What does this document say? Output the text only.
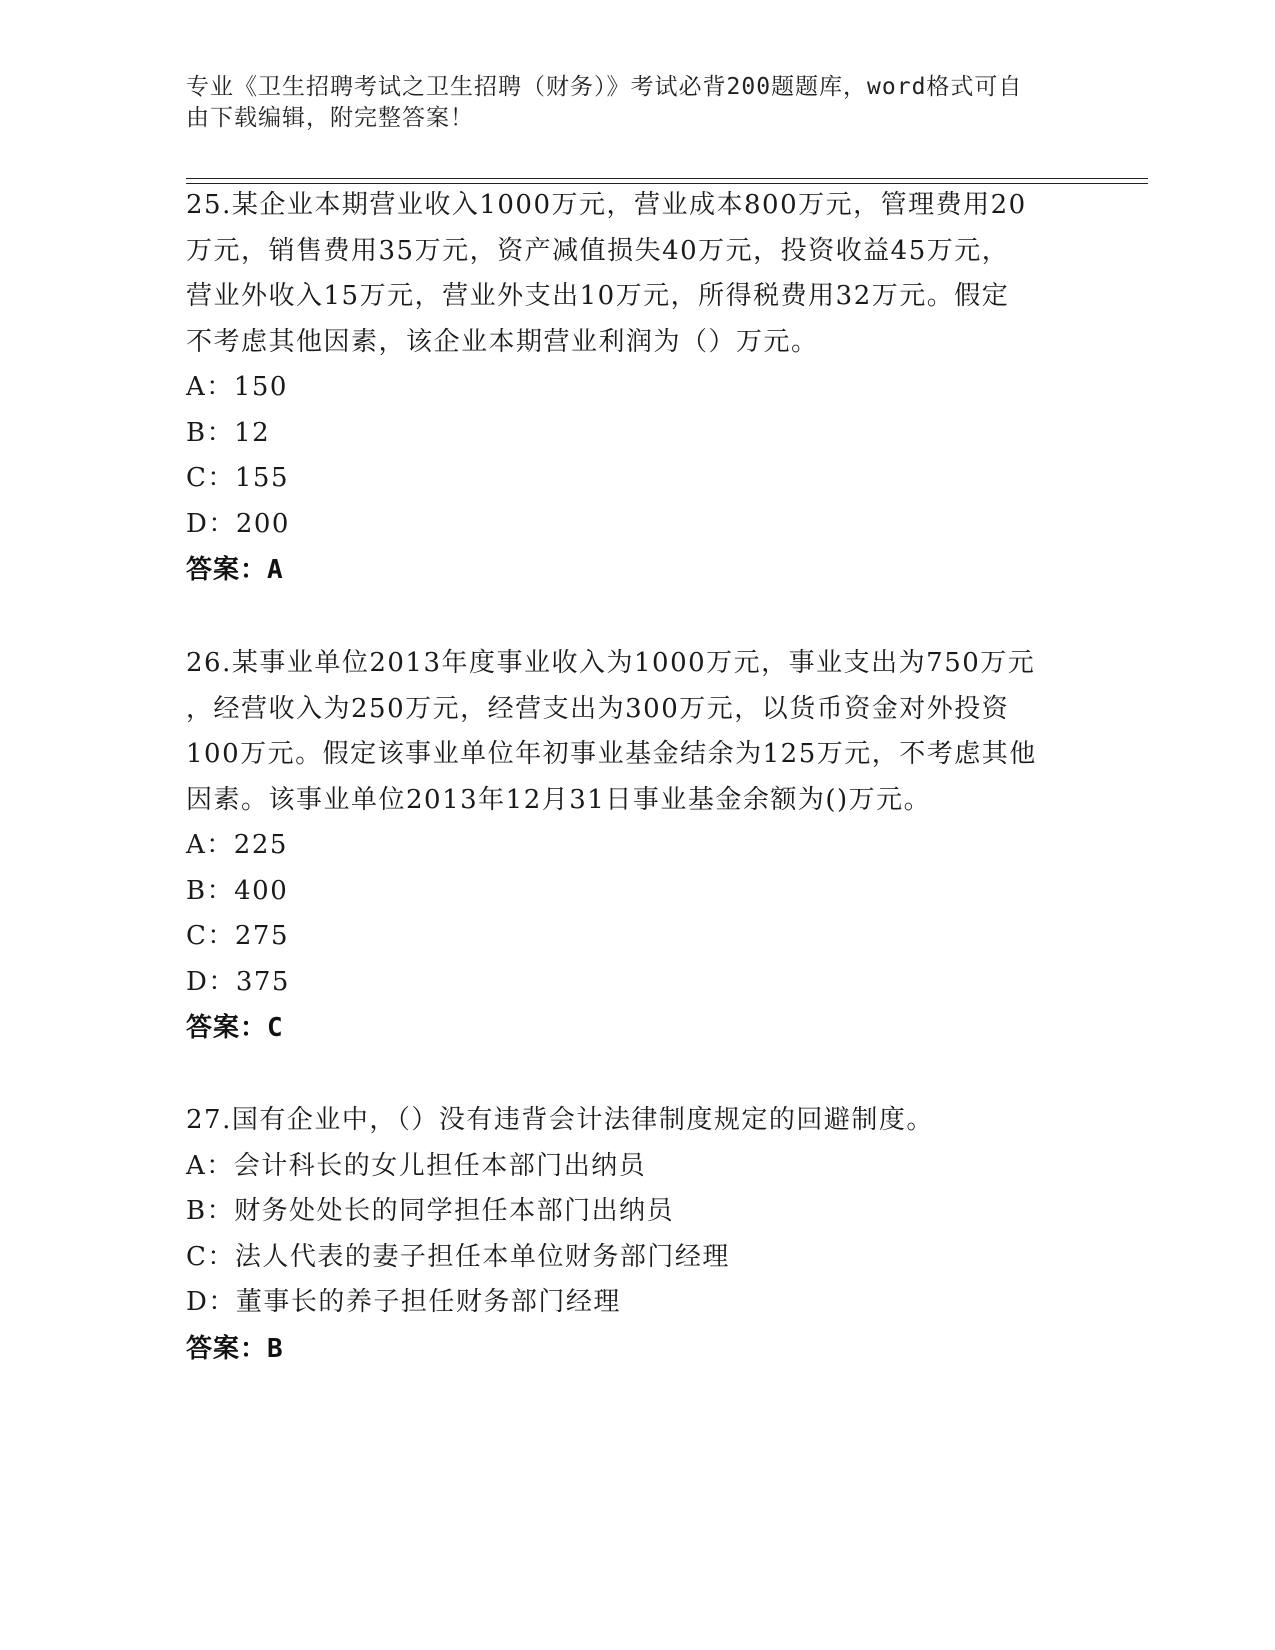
专业《卫生招聘考试之卫生招聘（财务）》考试必背200题题库，word格式可自
由下载编辑，附完整答案！
25.某企业本期营业收入1000万元，营业成本800万元，管理费用20
万元，销售费用35万元，资产减值损失40万元，投资收益45万元，
营业外收入15万元，营业外支出10万元，所得税费用32万元。假定
不考虑其他因素，该企业本期营业利润为（）万元。
A：150
B：12
C：155
D：200
答案：A
26.某事业单位2013年度事业收入为1000万元，事业支出为750万元
，经营收入为250万元，经营支出为300万元，以货币资金对外投资
100万元。假定该事业单位年初事业基金结余为125万元，不考虑其他
因素。该事业单位2013年12月31日事业基金余额为()万元。
A：225
B：400
C：275
D：375
答案：C
27.国有企业中，（）没有违背会计法律制度规定的回避制度。
A：会计科长的女儿担任本部门出纳员
B：财务处处长的同学担任本部门出纳员
C：法人代表的妻子担任本单位财务部门经理
D：董事长的养子担任财务部门经理
答案：B
